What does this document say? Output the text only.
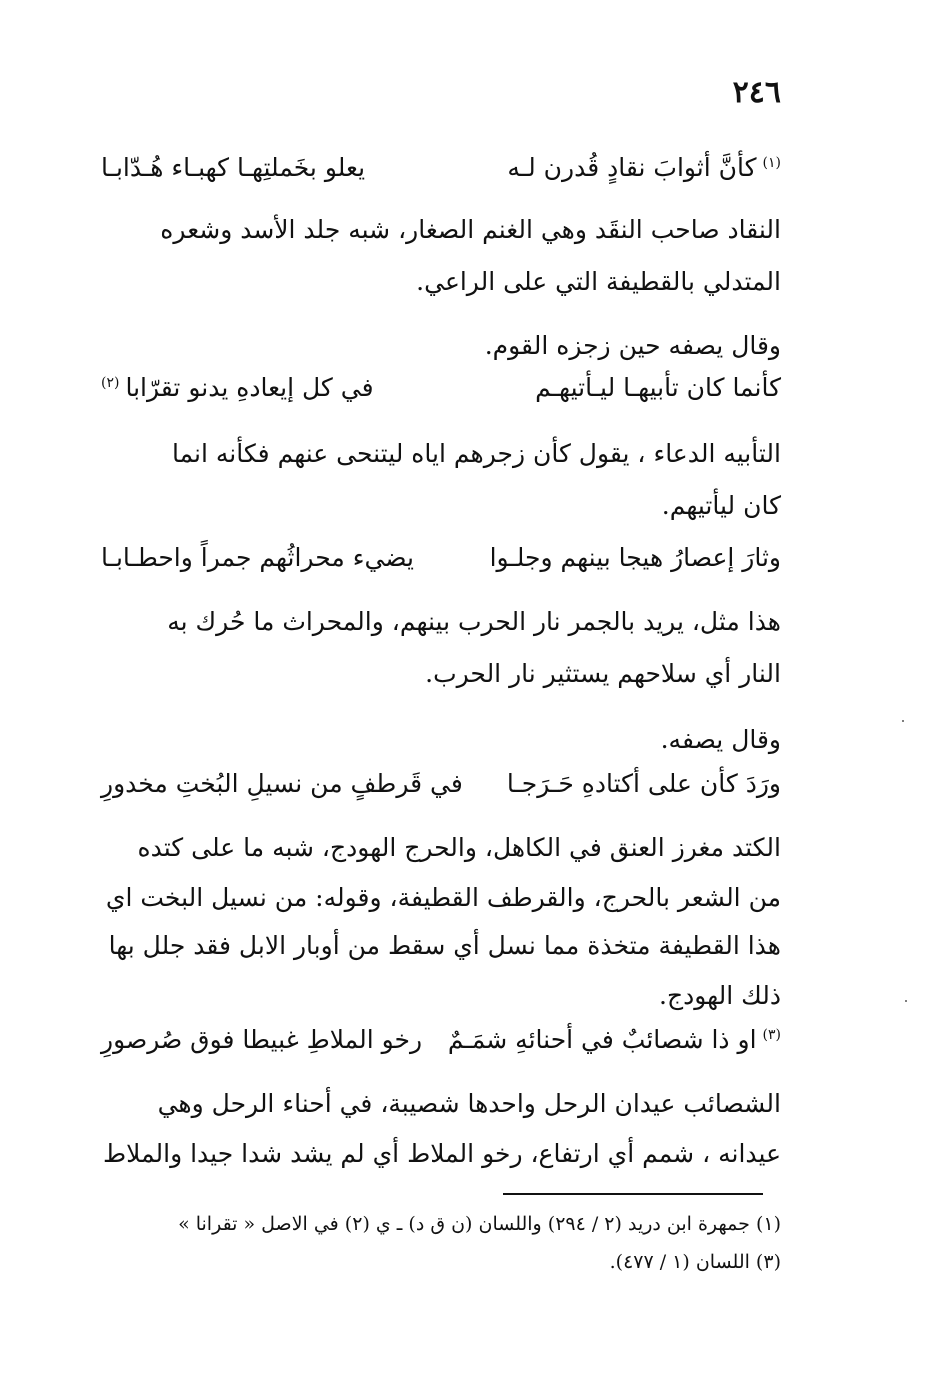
٢٤٦
$^{(١)}$كأنَّ أثوابَ نقادٍ قُدرن لـه
يعلو بخَملتِهـا كهبـاء هُـدّابـا
النقاد صاحب النقَد وهي الغنم الصغار، شبه جلد الأسد وشعره
المتدلي بالقطيفة التي على الراعي.
وقال يصفه حين زجزه القوم.
كأنما كان تأبيهـا ليـأتيهـم
في كل إيعادهِ يدنو تقرّابا$^{(٢)}$
التأبيه الدعاء ، يقول كأن زجرهم اياه ليتنحى عنهم فكأنه انما
كان ليأتيهم.
وثارَ إعصارُ هيجا بينهم وجلـوا
يضيء محراثُهم جمراً واحطـابـا
هذا مثل، يريد بالجمر نار الحرب بينهم، والمحراث ما حُرك به
النار أي سلاحهم يستثير نار الحرب.
وقال يصفه.
ورَدَ كأن على أكتادهِ حَـرَجـا
في قَرطفٍ من نسيلِ البُختِ مخدورِ
الكتد مغرز العنق في الكاهل، والحرج الهودج، شبه ما على كتده
من الشعر بالحرج، والقرطف القطيفة، وقوله: من نسيل البخت اي
هذا القطيفة متخذة مما نسل أي سقط من أوبار الابل فقد جلل بها
ذلك الهودج.
$^{(٣)}$او ذا شصائبٌ في أحنائهِ شمَـمٌ
رخو الملاطِ غبيطا فوق صُرصورِ
الشصائب عيدان الرحل واحدها شصيبة، في أحناء الرحل وهي
عيدانه ، شمم أي ارتفاع، رخو الملاط أي لم يشد شدا جيدا والملاط
(١) جمهرة ابن دريد (٢ / ٢٩٤) واللسان (ن ق د) ـ ي (٢) في الاصل « تقرانا »
(٣) اللسان (١ / ٤٧٧).
